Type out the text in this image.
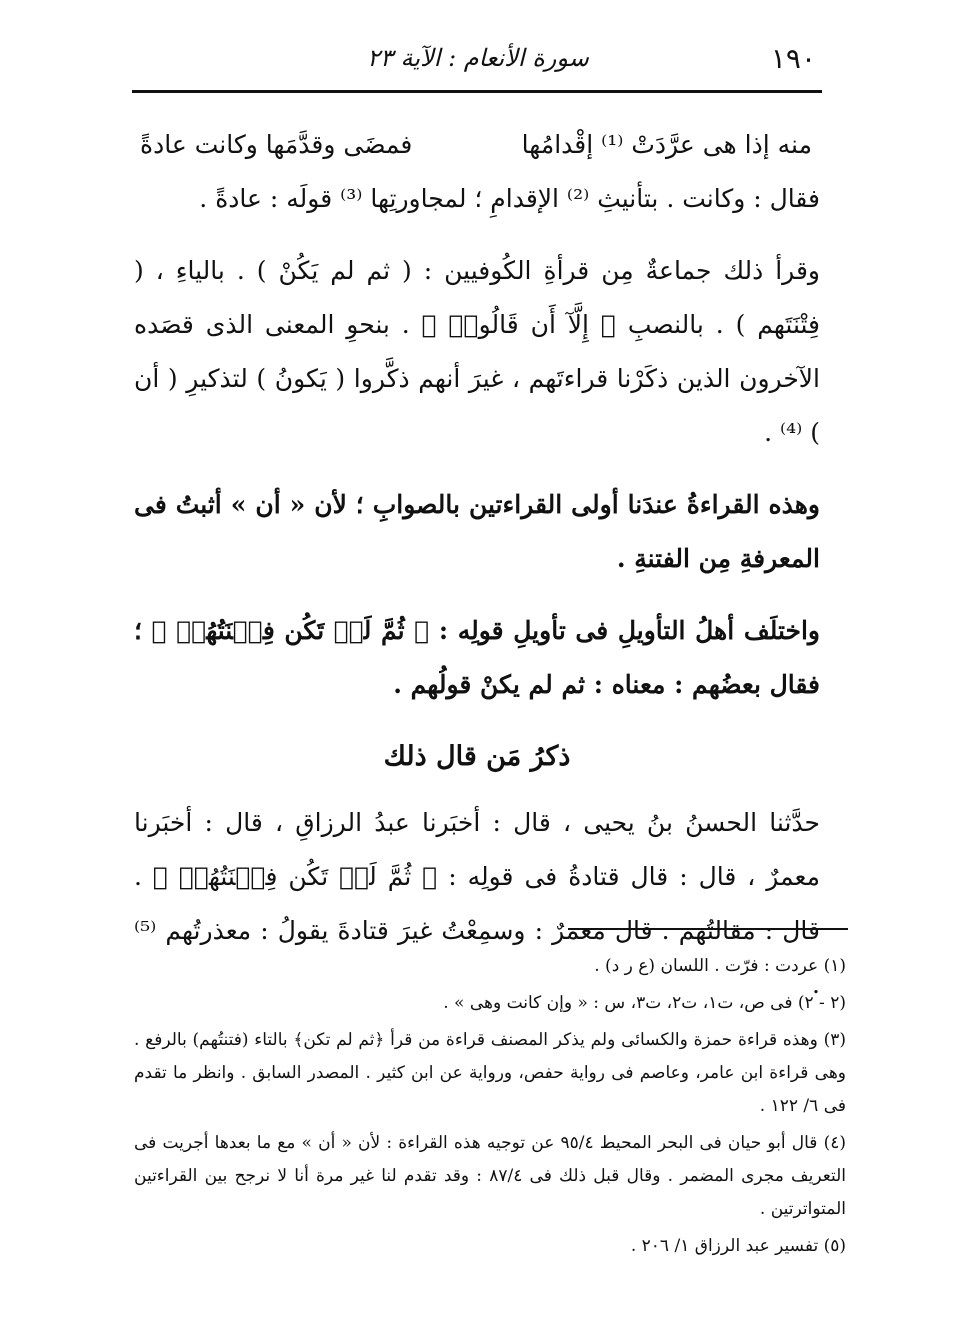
١٩٠
سورة الأنعام : الآية ٢٣
منه إذا هى عرَّدَتْ ⁽¹⁾ إقْدامُها
فمضَى وقدَّمَها وكانت عادةً

فقال : وكانت . بتأنيثِ ⁽²⁾ الإقدامِ ؛ لمجاورتِها ⁽³⁾ قولَه : عادةً .

وقرأ ذلك جماعةٌ مِن قرأةِ الكُوفيين : ( ثم لم يَكُنْ ) . بالياءِ ، ( فِتْنَتَهم ) . بالنصبِ ﴿ إِلَّآ أَن قَالُوا۟ ﴾ . بنحوِ المعنى الذى قصَده الآخرون الذين ذكَرْنا قراءتَهم ، غيرَ أنهم ذكَّروا ( يَكونُ ) لتذكيرِ ( أن ) ⁽⁴⁾ .

وهذه القراءةُ عندَنا أولى القراءتين بالصوابِ ؛ لأن « أن » أثبتُ فى المعرفةِ مِن الفتنةِ .

واختلَف أهلُ التأويلِ فى تأويلِ قولِه : ﴿ ثُمَّ لَمۡ تَكُن فِتۡنَتُهُمۡ ﴾ ؛ فقال بعضُهم : معناه : ثم لم يكنْ قولُهم .

ذكرُ مَن قال ذلك

حدَّثنا الحسنُ بنُ يحيى ، قال : أخبَرنا عبدُ الرزاقِ ، قال : أخبَرنا معمرٌ ، قال : قال قتادةُ فى قولِه : ﴿ ثُمَّ لَمۡ تَكُن فِتۡنَتُهُمۡ ﴾ . قال : مقالتُهم . قال معمرٌ : وسمِعْتُ غيرَ قتادةَ يقولُ : معذرتُهم ⁽⁵⁾ .

(١) عردت : فرّت . اللسان (ع ر د) .

(٢ - ٢) فى ص، ت١، ت٢، ت٣، س : « وإن كانت وهى » .

(٣) وهذه قراءة حمزة والكسائى ولم يذكر المصنف قراءة من قرأ ﴿ثم لم تكن﴾ بالتاء (فتنتُهم) بالرفع . وهى قراءة ابن عامر، وعاصم فى رواية حفص، ورواية عن ابن كثير . المصدر السابق . وانظر ما تقدم فى ٦/ ١٢٢ .

(٤) قال أبو حيان فى البحر المحيط ٩٥/٤ عن توجيه هذه القراءة : لأن « أن » مع ما بعدها أجريت فى التعريف مجرى المضمر . وقال قبل ذلك فى ٨٧/٤ : وقد تقدم لنا غير مرة أنا لا نرجح بين القراءتين المتواترتين .

(٥) تفسير عبد الرزاق ١/ ٢٠٦ .
